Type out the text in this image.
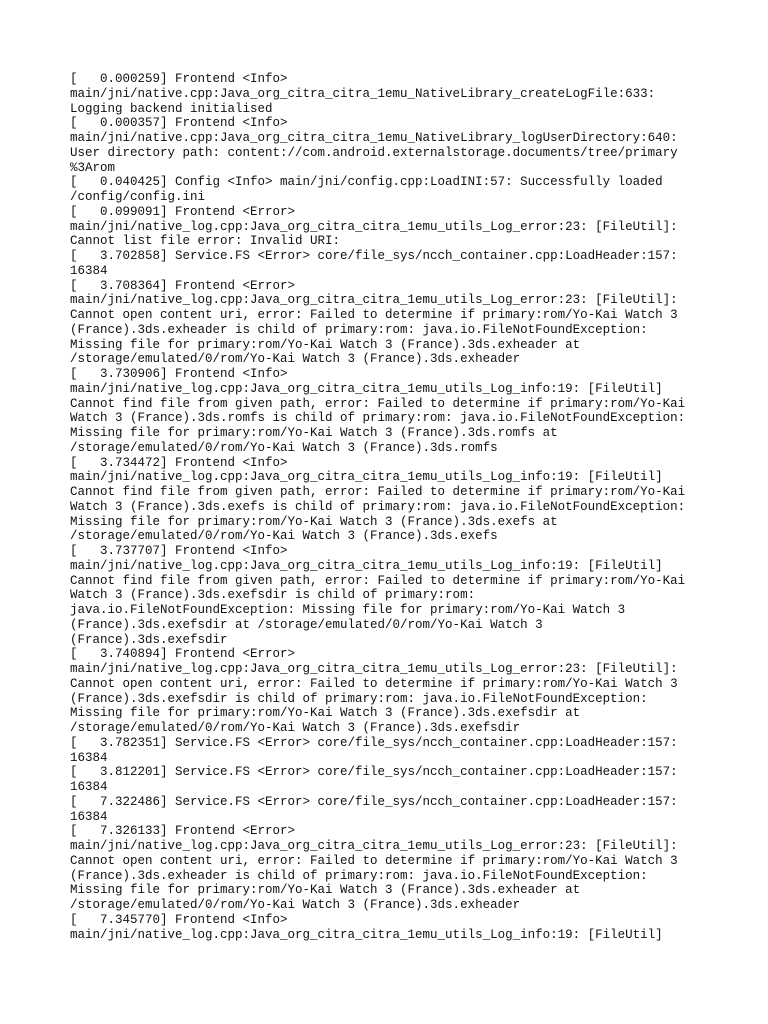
[   0.000259] Frontend <Info>
main/jni/native.cpp:Java_org_citra_citra_1emu_NativeLibrary_createLogFile:633:
Logging backend initialised
[   0.000357] Frontend <Info>
main/jni/native.cpp:Java_org_citra_citra_1emu_NativeLibrary_logUserDirectory:640:
User directory path: content://com.android.externalstorage.documents/tree/primary
%3Arom
[   0.040425] Config <Info> main/jni/config.cpp:LoadINI:57: Successfully loaded
/config/config.ini
[   0.099091] Frontend <Error>
main/jni/native_log.cpp:Java_org_citra_citra_1emu_utils_Log_error:23: [FileUtil]:
Cannot list file error: Invalid URI:
[   3.702858] Service.FS <Error> core/file_sys/ncch_container.cpp:LoadHeader:157:
16384
[   3.708364] Frontend <Error>
main/jni/native_log.cpp:Java_org_citra_citra_1emu_utils_Log_error:23: [FileUtil]:
Cannot open content uri, error: Failed to determine if primary:rom/Yo-Kai Watch 3
(France).3ds.exheader is child of primary:rom: java.io.FileNotFoundException:
Missing file for primary:rom/Yo-Kai Watch 3 (France).3ds.exheader at
/storage/emulated/0/rom/Yo-Kai Watch 3 (France).3ds.exheader
[   3.730906] Frontend <Info>
main/jni/native_log.cpp:Java_org_citra_citra_1emu_utils_Log_info:19: [FileUtil]
Cannot find file from given path, error: Failed to determine if primary:rom/Yo-Kai
Watch 3 (France).3ds.romfs is child of primary:rom: java.io.FileNotFoundException:
Missing file for primary:rom/Yo-Kai Watch 3 (France).3ds.romfs at
/storage/emulated/0/rom/Yo-Kai Watch 3 (France).3ds.romfs
[   3.734472] Frontend <Info>
main/jni/native_log.cpp:Java_org_citra_citra_1emu_utils_Log_info:19: [FileUtil]
Cannot find file from given path, error: Failed to determine if primary:rom/Yo-Kai
Watch 3 (France).3ds.exefs is child of primary:rom: java.io.FileNotFoundException:
Missing file for primary:rom/Yo-Kai Watch 3 (France).3ds.exefs at
/storage/emulated/0/rom/Yo-Kai Watch 3 (France).3ds.exefs
[   3.737707] Frontend <Info>
main/jni/native_log.cpp:Java_org_citra_citra_1emu_utils_Log_info:19: [FileUtil]
Cannot find file from given path, error: Failed to determine if primary:rom/Yo-Kai
Watch 3 (France).3ds.exefsdir is child of primary:rom:
java.io.FileNotFoundException: Missing file for primary:rom/Yo-Kai Watch 3
(France).3ds.exefsdir at /storage/emulated/0/rom/Yo-Kai Watch 3
(France).3ds.exefsdir
[   3.740894] Frontend <Error>
main/jni/native_log.cpp:Java_org_citra_citra_1emu_utils_Log_error:23: [FileUtil]:
Cannot open content uri, error: Failed to determine if primary:rom/Yo-Kai Watch 3
(France).3ds.exefsdir is child of primary:rom: java.io.FileNotFoundException:
Missing file for primary:rom/Yo-Kai Watch 3 (France).3ds.exefsdir at
/storage/emulated/0/rom/Yo-Kai Watch 3 (France).3ds.exefsdir
[   3.782351] Service.FS <Error> core/file_sys/ncch_container.cpp:LoadHeader:157:
16384
[   3.812201] Service.FS <Error> core/file_sys/ncch_container.cpp:LoadHeader:157:
16384
[   7.322486] Service.FS <Error> core/file_sys/ncch_container.cpp:LoadHeader:157:
16384
[   7.326133] Frontend <Error>
main/jni/native_log.cpp:Java_org_citra_citra_1emu_utils_Log_error:23: [FileUtil]:
Cannot open content uri, error: Failed to determine if primary:rom/Yo-Kai Watch 3
(France).3ds.exheader is child of primary:rom: java.io.FileNotFoundException:
Missing file for primary:rom/Yo-Kai Watch 3 (France).3ds.exheader at
/storage/emulated/0/rom/Yo-Kai Watch 3 (France).3ds.exheader
[   7.345770] Frontend <Info>
main/jni/native_log.cpp:Java_org_citra_citra_1emu_utils_Log_info:19: [FileUtil]
